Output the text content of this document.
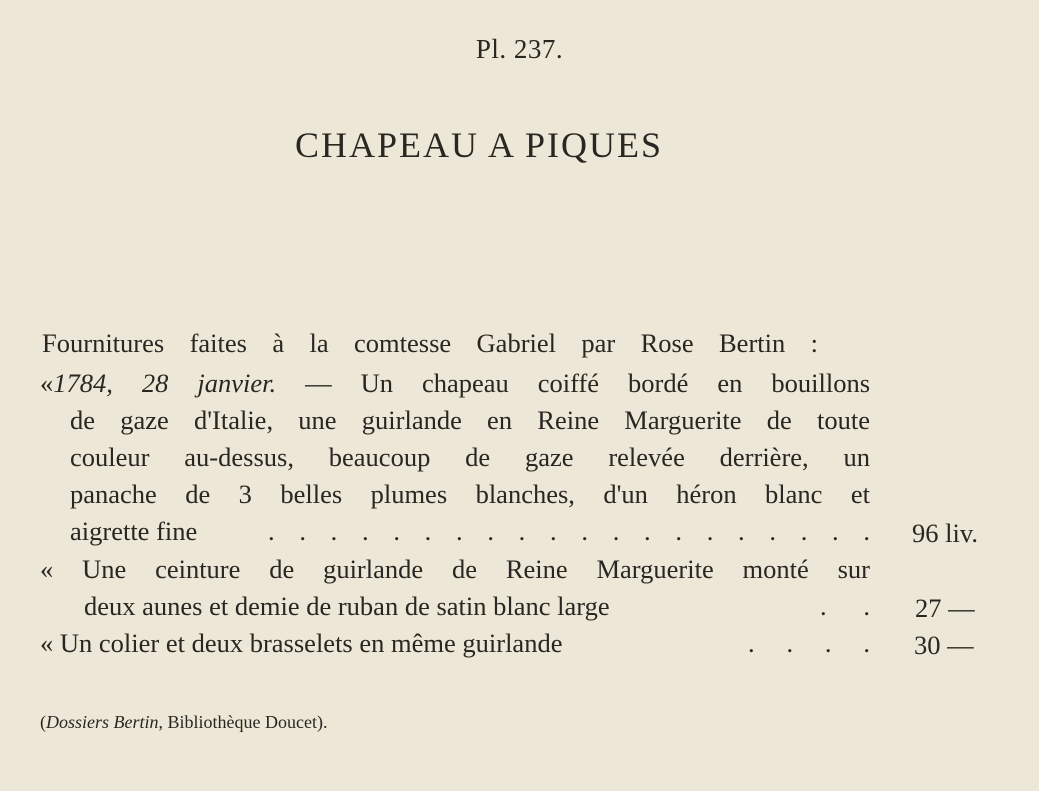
Pl. 237.
CHAPEAU A PIQUES
Fournitures faites à la comtesse Gabriel par Rose Bertin :
«1784, 28 janvier. — Un chapeau coiffé bordé en bouillons
de gaze d'Italie, une guirlande en Reine Marguerite de toute
couleur au-dessus, beaucoup de gaze relevée derrière, un
panache de 3 belles plumes blanches, d'un héron blanc et
aigrette fine	. . . . . . . . . . . . . . . . . . . . 96 liv.
« Une ceinture de guirlande de Reine Marguerite monté sur
deux aunes et demie de ruban de satin blanc large	. . 27 —
« Un colier et deux brasselets en même guirlande	. . . . 30 —
(Dossiers Bertin, Bibliothèque Doucet).
